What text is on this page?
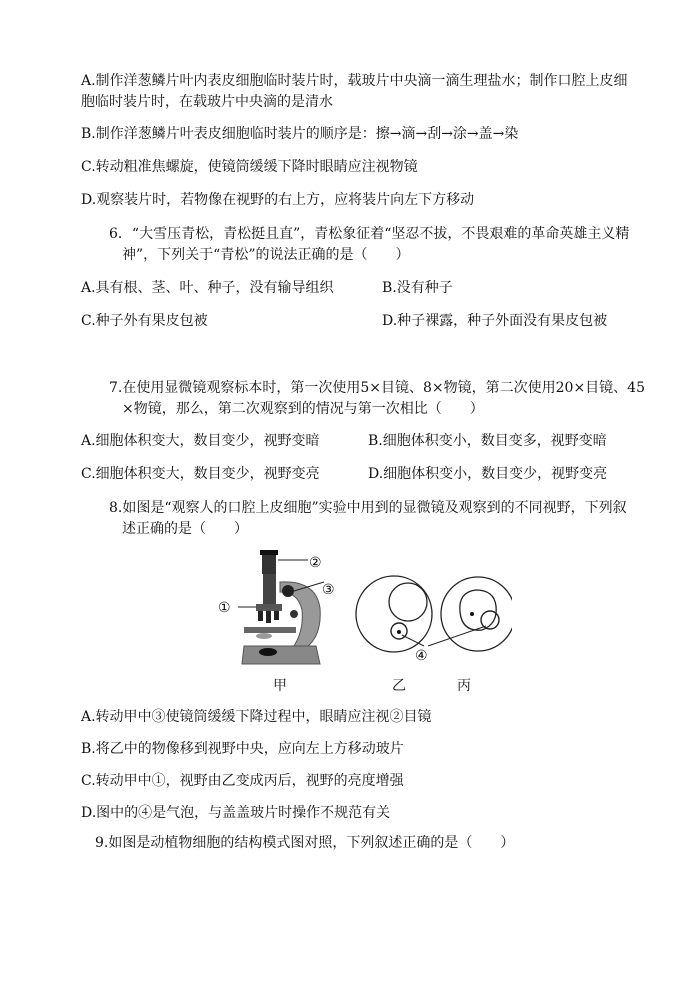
A.制作洋葱鳞片叶内表皮细胞临时装片时，载玻片中央滴一滴生理盐水；制作口腔上皮细
胞临时装片时，在载玻片中央滴的是清水
B.制作洋葱鳞片叶表皮细胞临时装片的顺序是：擦→滴→刮→涂→盖→染
C.转动粗准焦螺旋，使镜筒缓缓下降时眼睛应注视物镜
D.观察装片时，若物像在视野的右上方，应将装片向左下方移动
6．“大雪压青松，青松挺且直”，青松象征着“坚忍不拔，不畏艰难的革命英雄主义精
神”，下列关于“青松”的说法正确的是（　　）
A.具有根、茎、叶、种子，没有输导组织	B.没有种子
C.种子外有果皮包被	D.种子裸露，种子外面没有果皮包被
7.在使用显微镜观察标本时，第一次使用5×目镜、8×物镜，第二次使用20×目镜、45
×物镜，那么，第二次观察到的情况与第一次相比（　　）
A.细胞体积变大，数目变少，视野变暗	B.细胞体积变小，数目变多，视野变暗
C.细胞体积变大，数目变少，视野变亮	D.细胞体积变小，数目变少，视野变亮
8.如图是“观察人的口腔上皮细胞”实验中用到的显微镜及观察到的不同视野，下列叙
述正确的是（　　）
②
③
①
④
甲	乙	丙
A.转动甲中③使镜筒缓缓下降过程中，眼睛应注视②目镜
B.将乙中的物像移到视野中央，应向左上方移动玻片
C.转动甲中①，视野由乙变成丙后，视野的亮度增强
D.图中的④是气泡，与盖盖玻片时操作不规范有关
9.如图是动植物细胞的结构模式图对照，下列叙述正确的是（　　）
